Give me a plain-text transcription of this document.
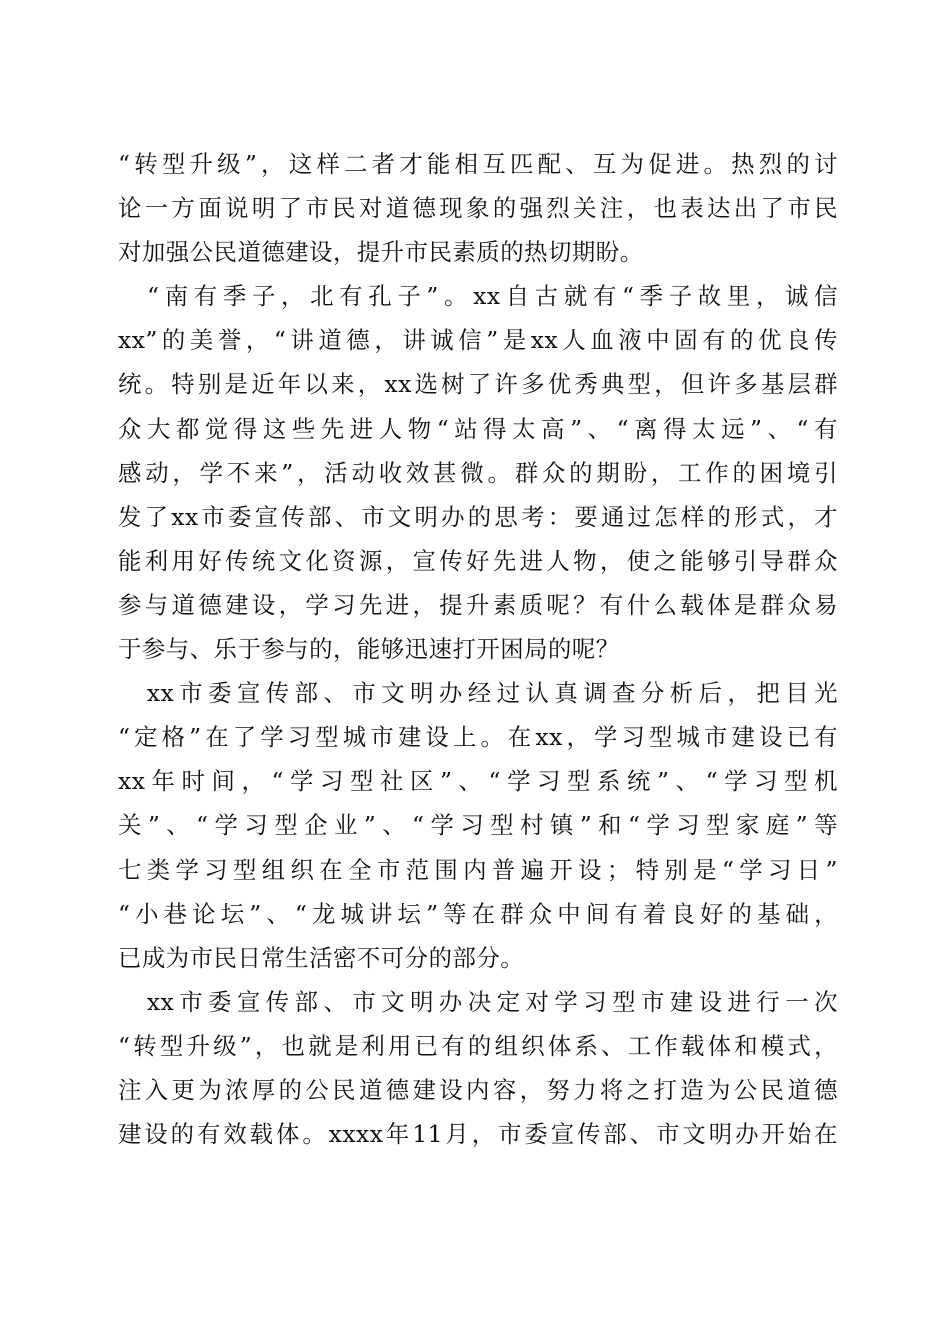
“转型升级”，这样二者才能相互匹配、互为促进。热烈的讨
论一方面说明了市民对道德现象的强烈关注，也表达出了市民
对加强公民道德建设，提升市民素质的热切期盼。
　“南有季子，北有孔子”。xx自古就有“季子故里，诚信
xx”的美誉，“讲道德，讲诚信”是xx人血液中固有的优良传
统。特别是近年以来，xx选树了许多优秀典型，但许多基层群
众大都觉得这些先进人物“站得太高”、“离得太远”、“有
感动，学不来”，活动收效甚微。群众的期盼，工作的困境引
发了xx市委宣传部、市文明办的思考：要通过怎样的形式，才
能利用好传统文化资源，宣传好先进人物，使之能够引导群众
参与道德建设，学习先进，提升素质呢？有什么载体是群众易
于参与、乐于参与的，能够迅速打开困局的呢？
　xx市委宣传部、市文明办经过认真调查分析后，把目光
“定格”在了学习型城市建设上。在xx，学习型城市建设已有
xx年时间，“学习型社区”、“学习型系统”、“学习型机
关”、“学习型企业”、“学习型村镇”和“学习型家庭”等
七类学习型组织在全市范围内普遍开设；特别是“学习日”
“小巷论坛”、“龙城讲坛”等在群众中间有着良好的基础，
已成为市民日常生活密不可分的部分。
　xx市委宣传部、市文明办决定对学习型市建设进行一次
“转型升级”，也就是利用已有的组织体系、工作载体和模式，
注入更为浓厚的公民道德建设内容，努力将之打造为公民道德
建设的有效载体。xxxx年11月，市委宣传部、市文明办开始在
